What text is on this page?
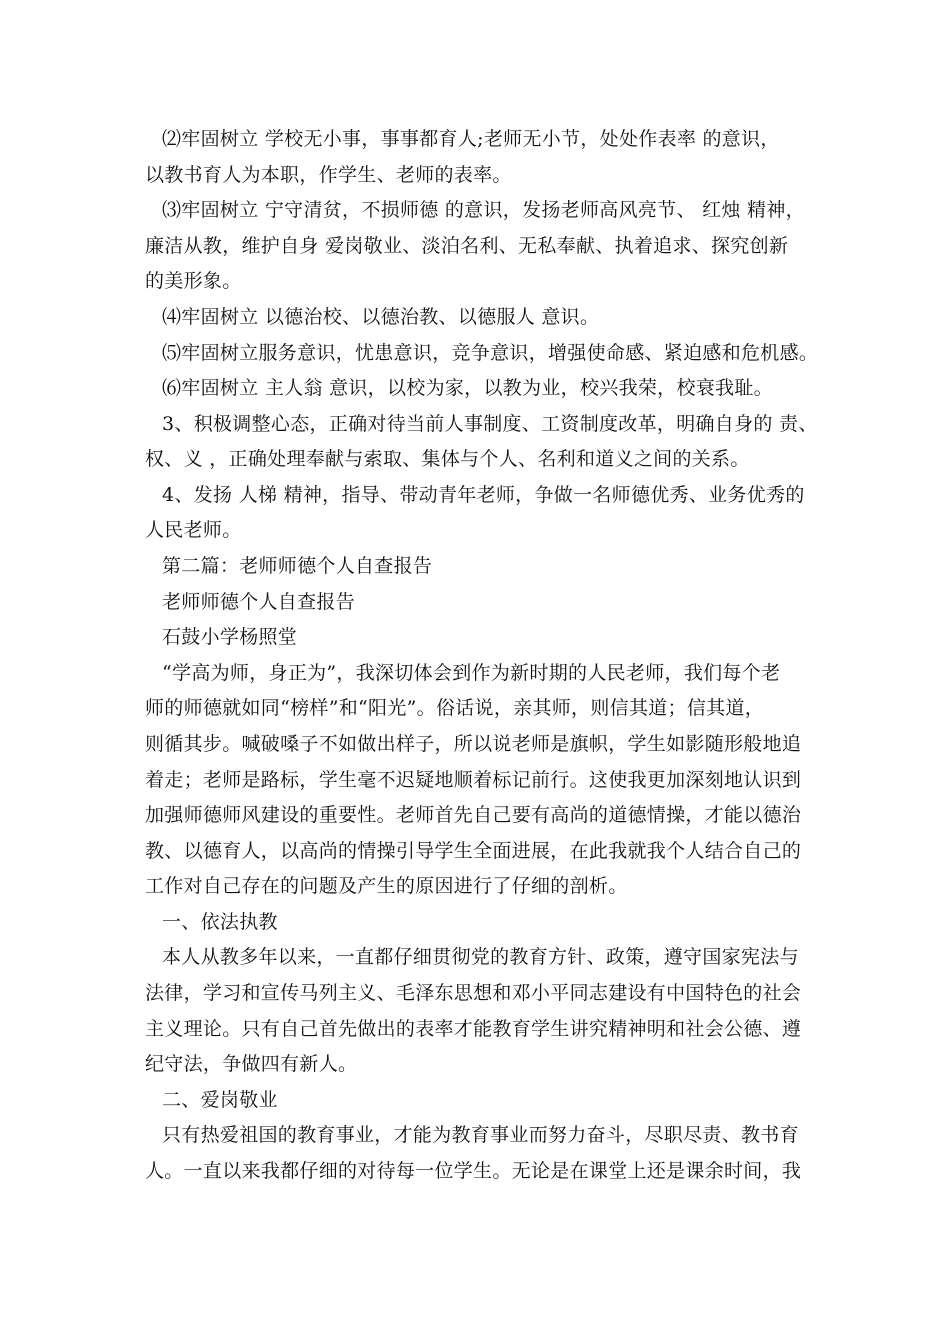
⑵牢固树立 学校无小事，事事都育人;老师无小节，处处作表率 的意识，
以教书育人为本职，作学生、老师的表率。
⑶牢固树立 宁守清贫，不损师德 的意识，发扬老师高风亮节、 红烛 精神，
廉洁从教，维护自身 爱岗敬业、淡泊名利、无私奉献、执着追求、探究创新
的美形象。
⑷牢固树立 以德治校、以德治教、以德服人 意识。
⑸牢固树立服务意识，忧患意识，竞争意识，增强使命感、紧迫感和危机感。
⑹牢固树立 主人翁 意识，以校为家，以教为业，校兴我荣，校衰我耻。
3、积极调整心态，正确对待当前人事制度、工资制度改革，明确自身的 责、
权、义 ，正确处理奉献与索取、集体与个人、名利和道义之间的关系。
4、发扬 人梯 精神，指导、带动青年老师，争做一名师德优秀、业务优秀的
人民老师。
第二篇：老师师德个人自查报告
老师师德个人自查报告
石鼓小学杨照堂
“学高为师，身正为”，我深切体会到作为新时期的人民老师，我们每个老
师的师德就如同“榜样”和“阳光”。俗话说，亲其师，则信其道；信其道，
则循其步。喊破嗓子不如做出样子，所以说老师是旗帜，学生如影随形般地追
着走；老师是路标，学生毫不迟疑地顺着标记前行。这使我更加深刻地认识到
加强师德师风建设的重要性。老师首先自己要有高尚的道德情操，才能以德治
教、以德育人，以高尚的情操引导学生全面进展，在此我就我个人结合自己的
工作对自己存在的问题及产生的原因进行了仔细的剖析。
一、依法执教
本人从教多年以来，一直都仔细贯彻党的教育方针、政策，遵守国家宪法与
法律，学习和宣传马列主义、毛泽东思想和邓小平同志建设有中国特色的社会
主义理论。只有自己首先做出的表率才能教育学生讲究精神明和社会公德、遵
纪守法，争做四有新人。
二、爱岗敬业
只有热爱祖国的教育事业，才能为教育事业而努力奋斗，尽职尽责、教书育
人。一直以来我都仔细的对待每一位学生。无论是在课堂上还是课余时间，我
